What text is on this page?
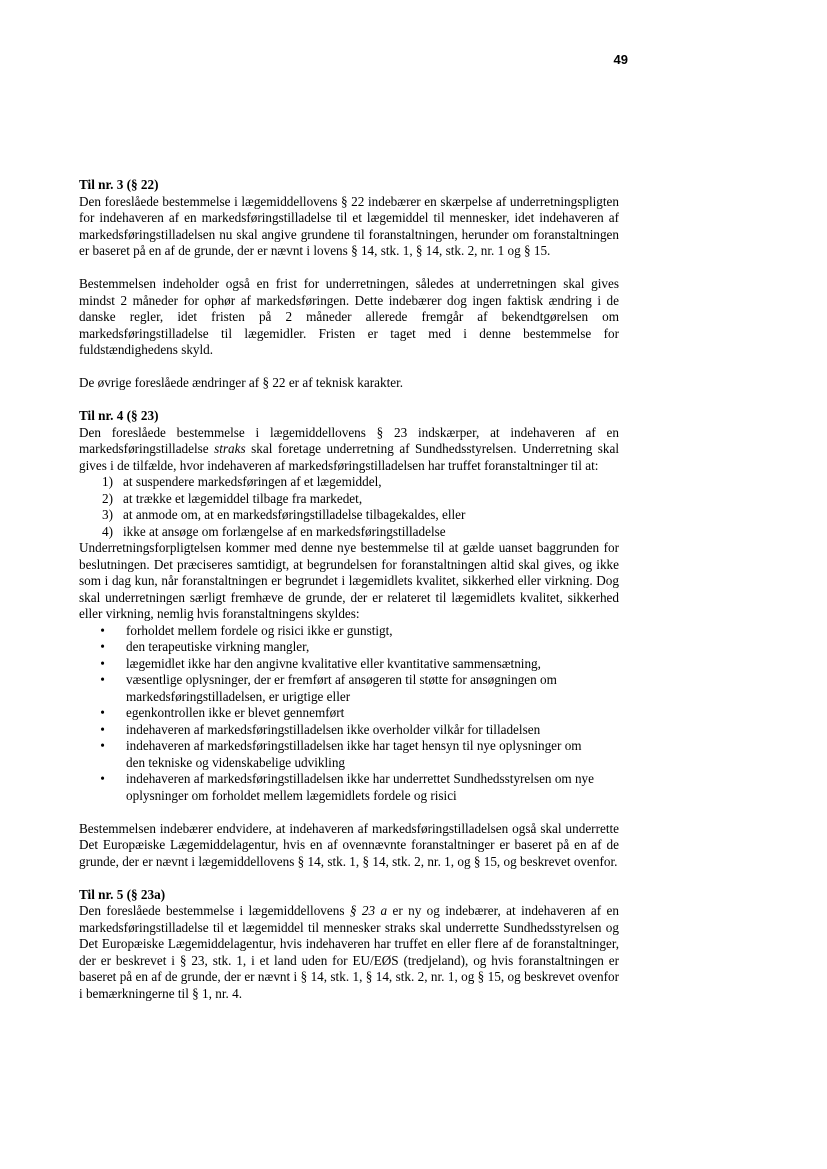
49

Til nr. 3 (§ 22)

Den foreslåede bestemmelse i lægemiddellovens § 22 indebærer en skærpelse af underretningspligten for indehaveren af en markedsføringstilladelse til et lægemiddel til mennesker, idet indehaveren af markedsføringstilladelsen nu skal angive grundene til foranstaltningen, herunder om foranstaltningen er baseret på en af de grunde, der er nævnt i lovens § 14, stk. 1, § 14, stk. 2, nr. 1 og § 15.

Bestemmelsen indeholder også en frist for underretningen, således at underretningen skal gives mindst 2 måneder for ophør af markedsføringen. Dette indebærer dog ingen faktisk ændring i de danske regler, idet fristen på 2 måneder allerede fremgår af bekendtgørelsen om markedsføringstilladelse til lægemidler. Fristen er taget med i denne bestemmelse for fuldstændighedens skyld.

De øvrige foreslåede ændringer af § 22 er af teknisk karakter.

Til nr. 4 (§ 23)

Den foreslåede bestemmelse i lægemiddellovens § 23 indskærper, at indehaveren af en markedsføringstilladelse straks skal foretage underretning af Sundhedsstyrelsen. Underretning skal gives i de tilfælde, hvor indehaveren af markedsføringstilladelsen har truffet foranstaltninger til at:

1) at suspendere markedsføringen af et lægemiddel,
2) at trække et lægemiddel tilbage fra markedet,
3) at anmode om, at en markedsføringstilladelse tilbagekaldes, eller
4) ikke at ansøge om forlængelse af en markedsføringstilladelse

Underretningsforpligtelsen kommer med denne nye bestemmelse til at gælde uanset baggrunden for beslutningen. Det præciseres samtidigt, at begrundelsen for foranstaltningen altid skal gives, og ikke som i dag kun, når foranstaltningen er begrundet i lægemidlets kvalitet, sikkerhed eller virkning. Dog skal underretningen særligt fremhæve de grunde, der er relateret til lægemidlets kvalitet, sikkerhed eller virkning, nemlig hvis foranstaltningens skyldes:

•	forholdet mellem fordele og risici ikke er gunstigt,
•	den terapeutiske virkning mangler,
•	lægemidlet ikke har den angivne kvalitative eller kvantitative sammensætning,
•	væsentlige oplysninger, der er fremført af ansøgeren til støtte for ansøgningen om markedsføringstilladelsen, er urigtige eller
•	egenkontrollen ikke er blevet gennemført
•	indehaveren af markedsføringstilladelsen ikke overholder vilkår for tilladelsen
•	indehaveren af markedsføringstilladelsen ikke har taget hensyn til nye oplysninger om den tekniske og videnskabelige udvikling
•	indehaveren af markedsføringstilladelsen ikke har underrettet Sundhedsstyrelsen om nye oplysninger om forholdet mellem lægemidlets fordele og risici

Bestemmelsen indebærer endvidere, at indehaveren af markedsføringstilladelsen også skal underrette Det Europæiske Lægemiddelagentur, hvis en af ovennævnte foranstaltninger er baseret på en af de grunde, der er nævnt i lægemiddellovens § 14, stk. 1, § 14, stk. 2, nr. 1, og § 15, og beskrevet ovenfor.

Til nr. 5 (§ 23a)

Den foreslåede bestemmelse i lægemiddellovens § 23 a er ny og indebærer, at indehaveren af en markedsføringstilladelse til et lægemiddel til mennesker straks skal underrette Sundhedsstyrelsen og Det Europæiske Lægemiddelagentur, hvis indehaveren har truffet en eller flere af de foranstaltninger, der er beskrevet i § 23, stk. 1, i et land uden for EU/EØS (tredjeland), og hvis foranstaltningen er baseret på en af de grunde, der er nævnt i § 14, stk. 1, § 14, stk. 2, nr. 1, og § 15, og beskrevet ovenfor i bemærkningerne til § 1, nr. 4.
